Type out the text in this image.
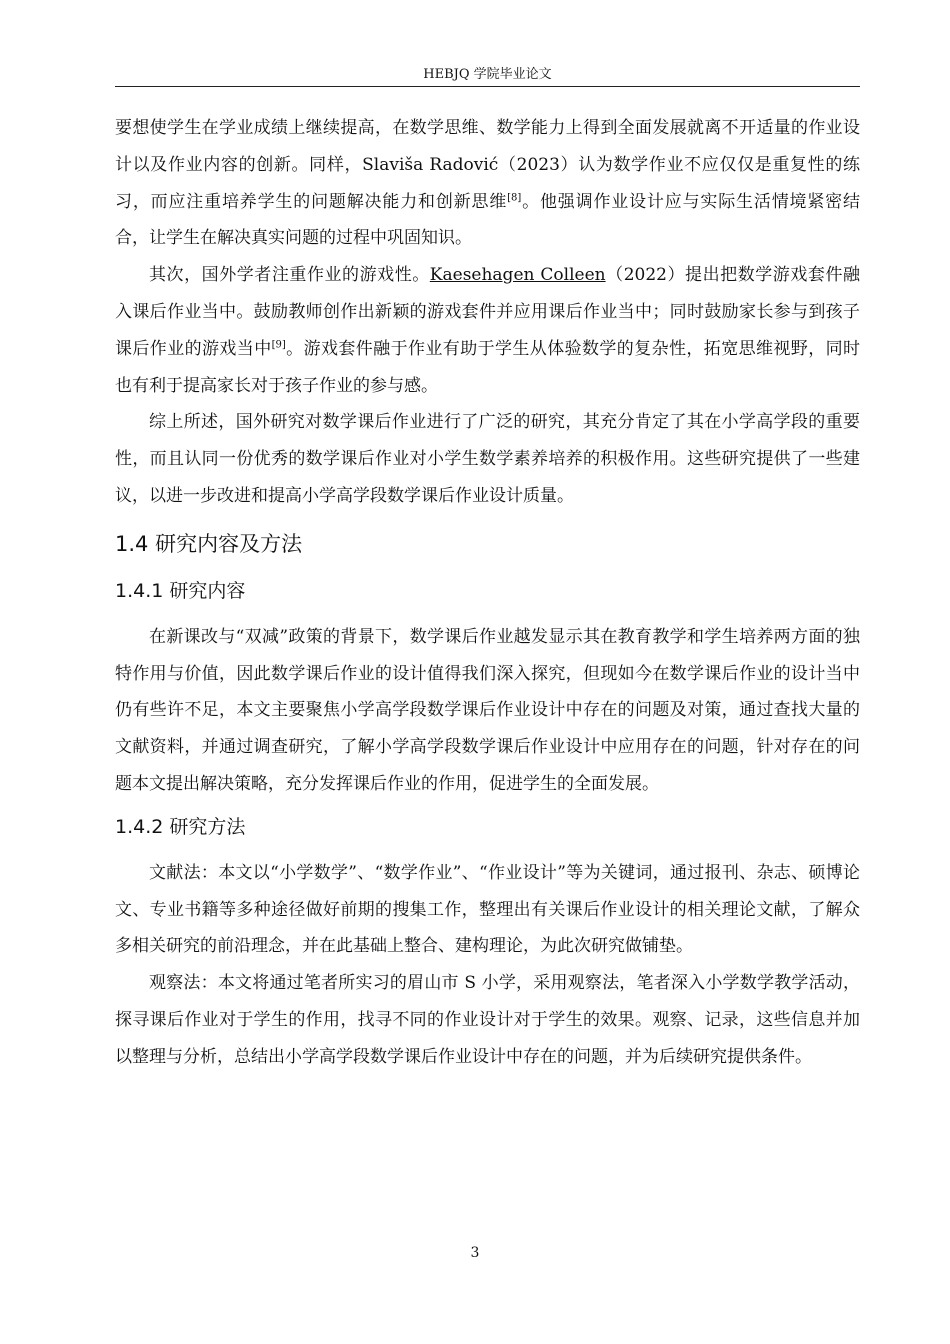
HEBJQ 学院毕业论文

要想使学生在学业成绩上继续提高，在数学思维、数学能力上得到全面发展就离不开适量的作业设计以及作业内容的创新。同样，Slaviša Radović（2023）认为数学作业不应仅仅是重复性的练习，而应注重培养学生的问题解决能力和创新思维[8]。他强调作业设计应与实际生活情境紧密结合，让学生在解决真实问题的过程中巩固知识。

其次，国外学者注重作业的游戏性。Kaesehagen Colleen（2022）提出把数学游戏套件融入课后作业当中。鼓励教师创作出新颖的游戏套件并应用课后作业当中；同时鼓励家长参与到孩子课后作业的游戏当中[9]。游戏套件融于作业有助于学生从体验数学的复杂性，拓宽思维视野，同时也有利于提高家长对于孩子作业的参与感。

综上所述，国外研究对数学课后作业进行了广泛的研究，其充分肯定了其在小学高学段的重要性，而且认同一份优秀的数学课后作业对小学生数学素养培养的积极作用。这些研究提供了一些建议，以进一步改进和提高小学高学段数学课后作业设计质量。

1.4 研究内容及方法
1.4.1 研究内容

在新课改与“双减”政策的背景下，数学课后作业越发显示其在教育教学和学生培养两方面的独特作用与价值，因此数学课后作业的设计值得我们深入探究，但现如今在数学课后作业的设计当中仍有些许不足，本文主要聚焦小学高学段数学课后作业设计中存在的问题及对策，通过查找大量的文献资料，并通过调查研究，了解小学高学段数学课后作业设计中应用存在的问题，针对存在的问题本文提出解决策略，充分发挥课后作业的作用，促进学生的全面发展。

1.4.2 研究方法

文献法：本文以“小学数学”、“数学作业”、“作业设计”等为关键词，通过报刊、杂志、硕博论文、专业书籍等多种途径做好前期的搜集工作，整理出有关课后作业设计的相关理论文献，了解众多相关研究的前沿理念，并在此基础上整合、建构理论，为此次研究做铺垫。

观察法：本文将通过笔者所实习的眉山市 S 小学，采用观察法，笔者深入小学数学教学活动，探寻课后作业对于学生的作用，找寻不同的作业设计对于学生的效果。观察、记录，这些信息并加以整理与分析，总结出小学高学段数学课后作业设计中存在的问题，并为后续研究提供条件。

3
